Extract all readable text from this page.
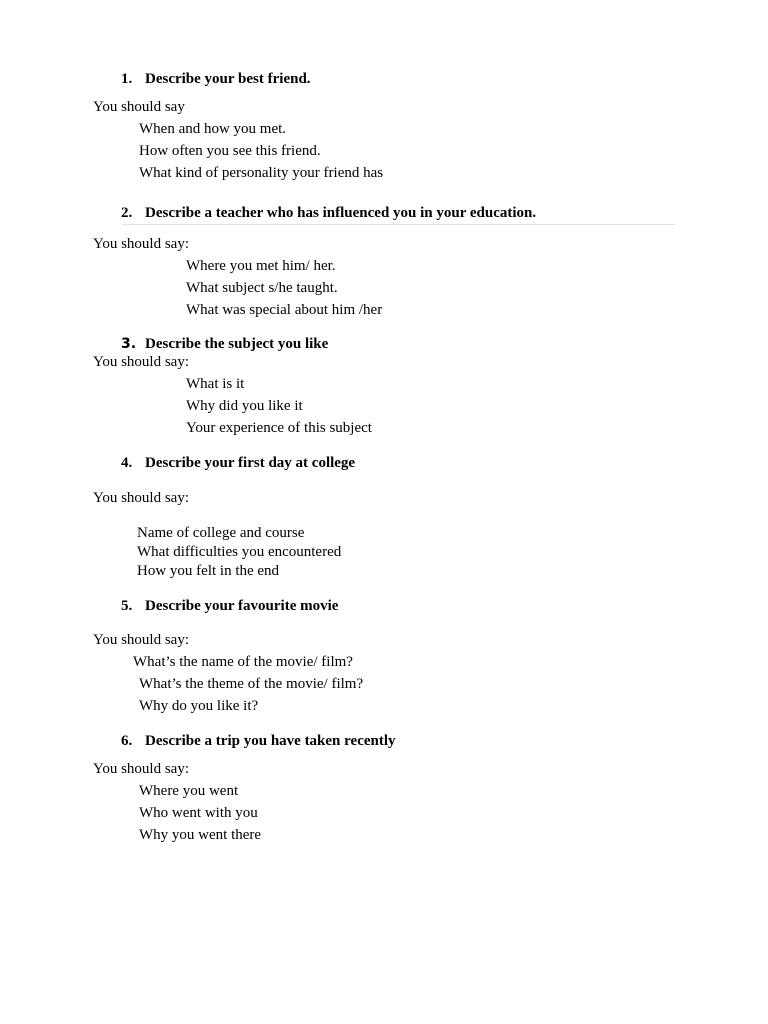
1. Describe your best friend.
You should say
When and how you met.
How often you see this friend.
What kind of personality your friend has
2. Describe a teacher who has influenced you in your education.
You should say:
Where you met him/ her.
What subject s/he taught.
What was special about him /her
3. Describe the subject you like
You should say:
What is it
Why did you like it
Your experience of this subject
4. Describe your first day at college
You should say:
Name of college and course
What difficulties you encountered
How you felt in the end
5. Describe your favourite movie
You should say:
What’s the name of the movie/ film?
What’s the theme of the movie/ film?
Why do you like it?
6. Describe a trip you have taken recently
You should say:
Where you went
Who went with you
Why you went there
